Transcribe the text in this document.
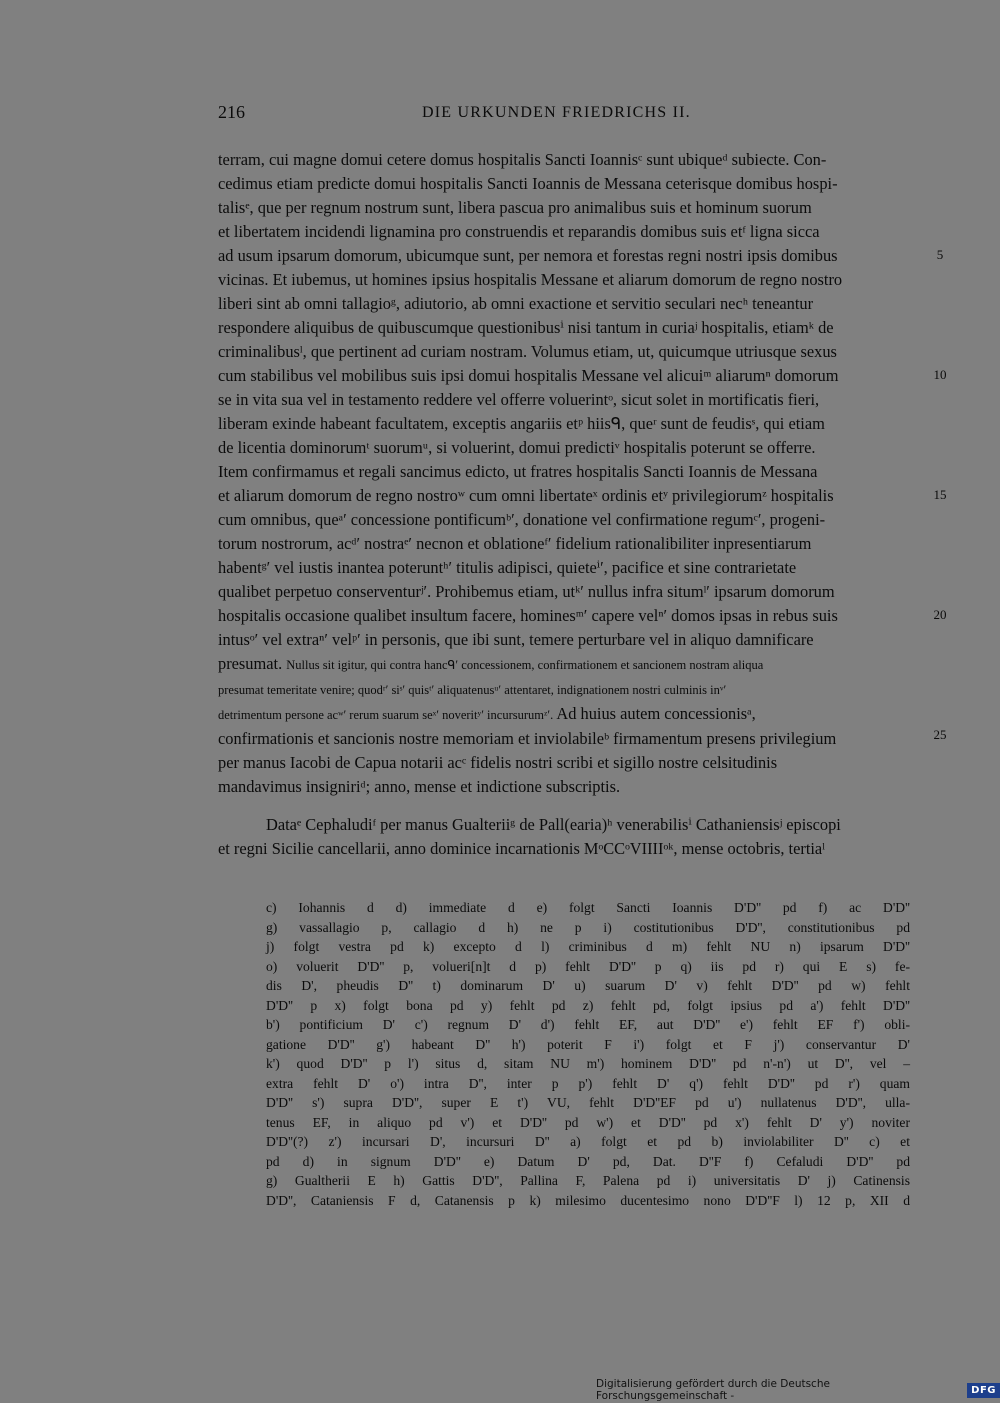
216	DIE URKUNDEN FRIEDRICHS II.

terram, cui magne domui cetere domus hospitalis Sancti Ioannisᶜ sunt ubiqueᵈ subiecte. Con-
cedimus etiam predicte domui hospitalis Sancti Ioannis de Messana ceterisque domibus hospi-
talisᵉ, que per regnum nostrum sunt, libera pascua pro animalibus suis et hominum suorum
et libertatem incidendi lignamina pro construendis et reparandis domibus suis etᶠ ligna sicca
ad usum ipsarum domorum, ubicumque sunt, per nemora et forestas regni nostri ipsis domibus
vicinas. Et iubemus, ut homines ipsius hospitalis Messane et aliarum domorum de regno nostro
liberi sint ab omni tallagioᵍ, adiutorio, ab omni exactione et servitio seculari necʰ teneantur
respondere aliquibus de quibuscumque questionibusⁱ nisi tantum in curiaʲ hospitalis, etiamᵏ de
criminalibusˡ, que pertinent ad curiam nostram. Volumus etiam, ut, quicumque utriusque sexus
cum stabilibus vel mobilibus suis ipsi domui hospitalis Messane vel alicuiᵐ aliarumⁿ domorum
se in vita sua vel in testamento reddere vel offerre voluerintᵒ, sicut solet in mortificatis fieri,
liberam exinde habeant facultatem, exceptis angariis etᵖ hiisᑫ, queʳ sunt de feudisˢ, qui etiam
de licentia dominorumᵗ suorumᵘ, si voluerint, domui predictiᵛ hospitalis poterunt se offerre.
Item confirmamus et regali sancimus edicto, ut fratres hospitalis Sancti Ioannis de Messana
et aliarum domorum de regno nostroʷ cum omni libertateˣ ordinis etʸ privilegiorumᶻ hospitalis
cum omnibus, queᵃ′ concessione pontificumᵇ′, donatione vel confirmatione regumᶜ′, progeni-
torum nostrorum, acᵈ′ nostraᵉ′ necnon et oblationeᶠ′ fidelium rationalibiliter inpresentiarum
habentᵍ′ vel iustis inantea poteruntʰ′ titulis adipisci, quieteⁱ′, pacifice et sine contrarietate
qualibet perpetuo conserventurʲ′. Prohibemus etiam, utᵏ′ nullus infra situmˡ′ ipsarum domorum
hospitalis occasione qualibet insultum facere, hominesᵐ′ capere velⁿ′ domos ipsas in rebus suis
intusᵒ′ vel extraⁿ′ velᵖ′ in personis, que ibi sunt, temere perturbare vel in aliquo damnificare
presumat. Nullus sit igitur, qui contra hancᑫ′ concessionem, confirmationem et sancionem nostram aliqua
presumat temeritate venire; quodʳ′ siˢ′ quisᵗ′ aliquatenusᵘ′ attentaret, indignationem nostri culminis inᵛ′
detrimentum persone acʷ′ rerum suarum seˣ′ noveritʸ′ incursurumᶻ′. Ad huius autem concessionisᵃ,
confirmationis et sancionis nostre memoriam et inviolabileᵇ firmamentum presens privilegium
per manus Iacobi de Capua notarii acᶜ fidelis nostri scribi et sigillo nostre celsitudinis
mandavimus insigniriᵈ; anno, mense et indictione subscriptis.

Dataᵉ Cephaludiᶠ per manus Gualteriiᵍ de Pall(earia)ʰ venerabilisⁱ Cathaniensisʲ episcopi
et regni Sicilie cancellarii, anno dominice incarnationis MᵒCCᵒVIIIIᵒᵏ, mense octobris, tertiaˡ

5
10
15
20
25
c) Iohannis d d) immediate d e) folgt Sancti Ioannis D'D'' pd f) ac D'D''
g) vassallagio p, callagio d h) ne p i) costitutionibus D'D'', constitutionibus pd
j) folgt vestra pd k) excepto d l) criminibus d m) fehlt NU n) ipsarum D'D''
o) voluerit D'D'' p, volueri[n]t d p) fehlt D'D'' p q) iis pd r) qui E s) fe-
dis D', pheudis D'' t) dominarum D' u) suarum D' v) fehlt D'D'' pd w) fehlt
D'D'' p x) folgt bona pd y) fehlt pd z) fehlt pd, folgt ipsius pd a') fehlt D'D''
b') pontificium D' c') regnum D' d') fehlt EF, aut D'D'' e') fehlt EF f') obli-
gatione D'D'' g') habeant D'' h') poterit F i') folgt et F j') conservantur D'
k') quod D'D'' p l') situs d, sitam NU m') hominem D'D'' pd n'-n') ut D'', vel –
extra fehlt D' o') intra D'', inter p p') fehlt D' q') fehlt D'D'' pd r') quam
D'D'' s') supra D'D'', super E t') VU, fehlt D'D''EF pd u') nullatenus D'D'', ulla-
tenus EF, in aliquo pd v') et D'D'' pd w') et D'D'' pd x') fehlt D' y') noviter
D'D''(?) z') incursari D', incursuri D'' a) folgt et pd b) inviolabiliter D'' c) et
pd d) in signum D'D'' e) Datum D' pd, Dat. D''F f) Cefaludi D'D'' pd
g) Gualtherii E h) Gattis D'D'', Pallina F, Palena pd i) universitatis D' j) Catinensis
D'D'', Cataniensis F d, Catanensis p k) milesimo ducentesimo nono D'D''F l) 12 p, XII d
Digitalisierung gefördert durch die Deutsche Forschungsgemeinschaft -	DFG
